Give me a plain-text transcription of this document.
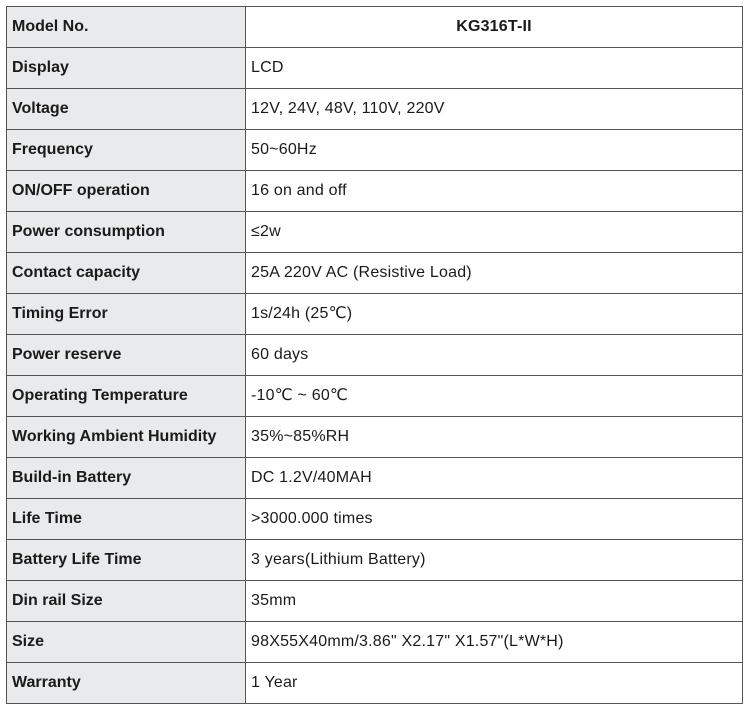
Model No.	KG316T-II
Display	LCD
Voltage	12V, 24V, 48V, 110V, 220V
Frequency	50~60Hz
ON/OFF operation	16 on and off
Power consumption	≤2w
Contact capacity	25A 220V AC (Resistive Load)
Timing Error	1s/24h (25℃)
Power reserve	60 days
Operating Temperature	-10℃ ~ 60℃
Working Ambient Humidity	35%~85%RH
Build-in Battery	DC 1.2V/40MAH
Life Time	>3000.000 times
Battery Life Time	3 years(Lithium Battery)
Din rail Size	35mm
Size	98X55X40mm/3.86" X2.17" X1.57"(L*W*H)
Warranty	1 Year
